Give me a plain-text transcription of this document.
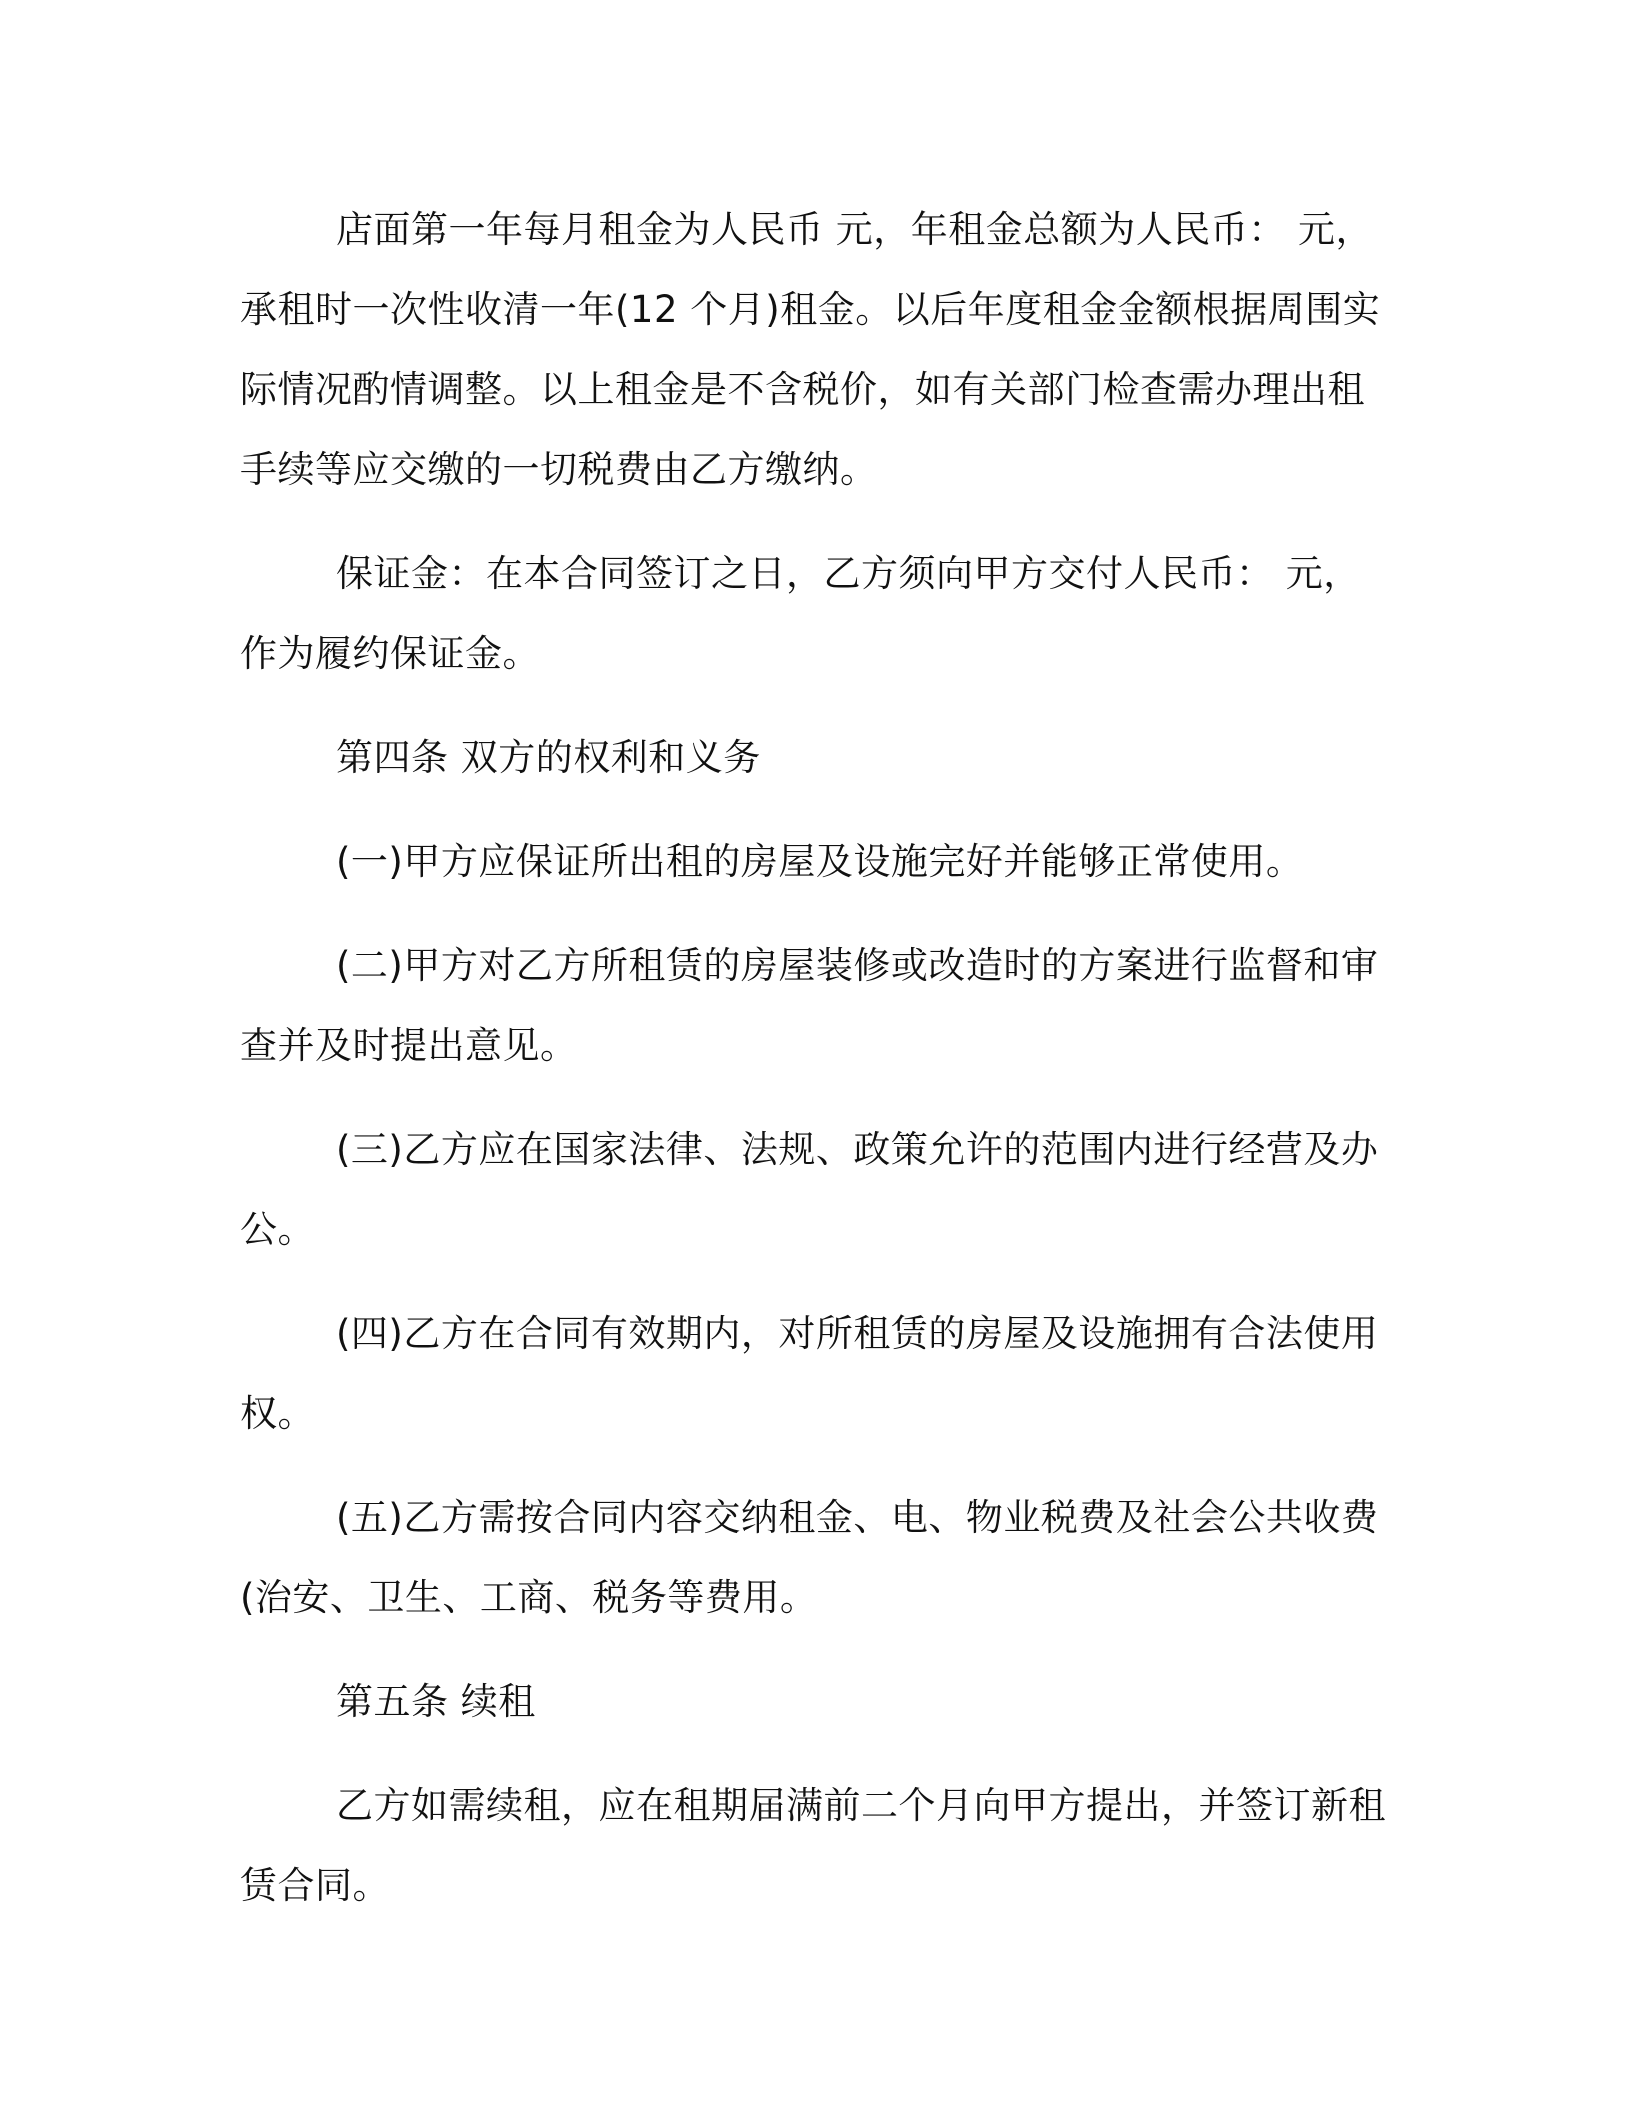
店面第一年每月租金为人民币 元，年租金总额为人民币： 元，承租时一次性收清一年(12 个月)租金。以后年度租金金额根据周围实际情况酌情调整。以上租金是不含税价，如有关部门检查需办理出租手续等应交缴的一切税费由乙方缴纳。

保证金：在本合同签订之日，乙方须向甲方交付人民币： 元，作为履约保证金。

第四条 双方的权利和义务

(一)甲方应保证所出租的房屋及设施完好并能够正常使用。

(二)甲方对乙方所租赁的房屋装修或改造时的方案进行监督和审查并及时提出意见。

(三)乙方应在国家法律、法规、政策允许的范围内进行经营及办公。

(四)乙方在合同有效期内，对所租赁的房屋及设施拥有合法使用权。

(五)乙方需按合同内容交纳租金、电、物业税费及社会公共收费(治安、卫生、工商、税务等费用。

第五条 续租

乙方如需续租，应在租期届满前二个月向甲方提出，并签订新租赁合同。
